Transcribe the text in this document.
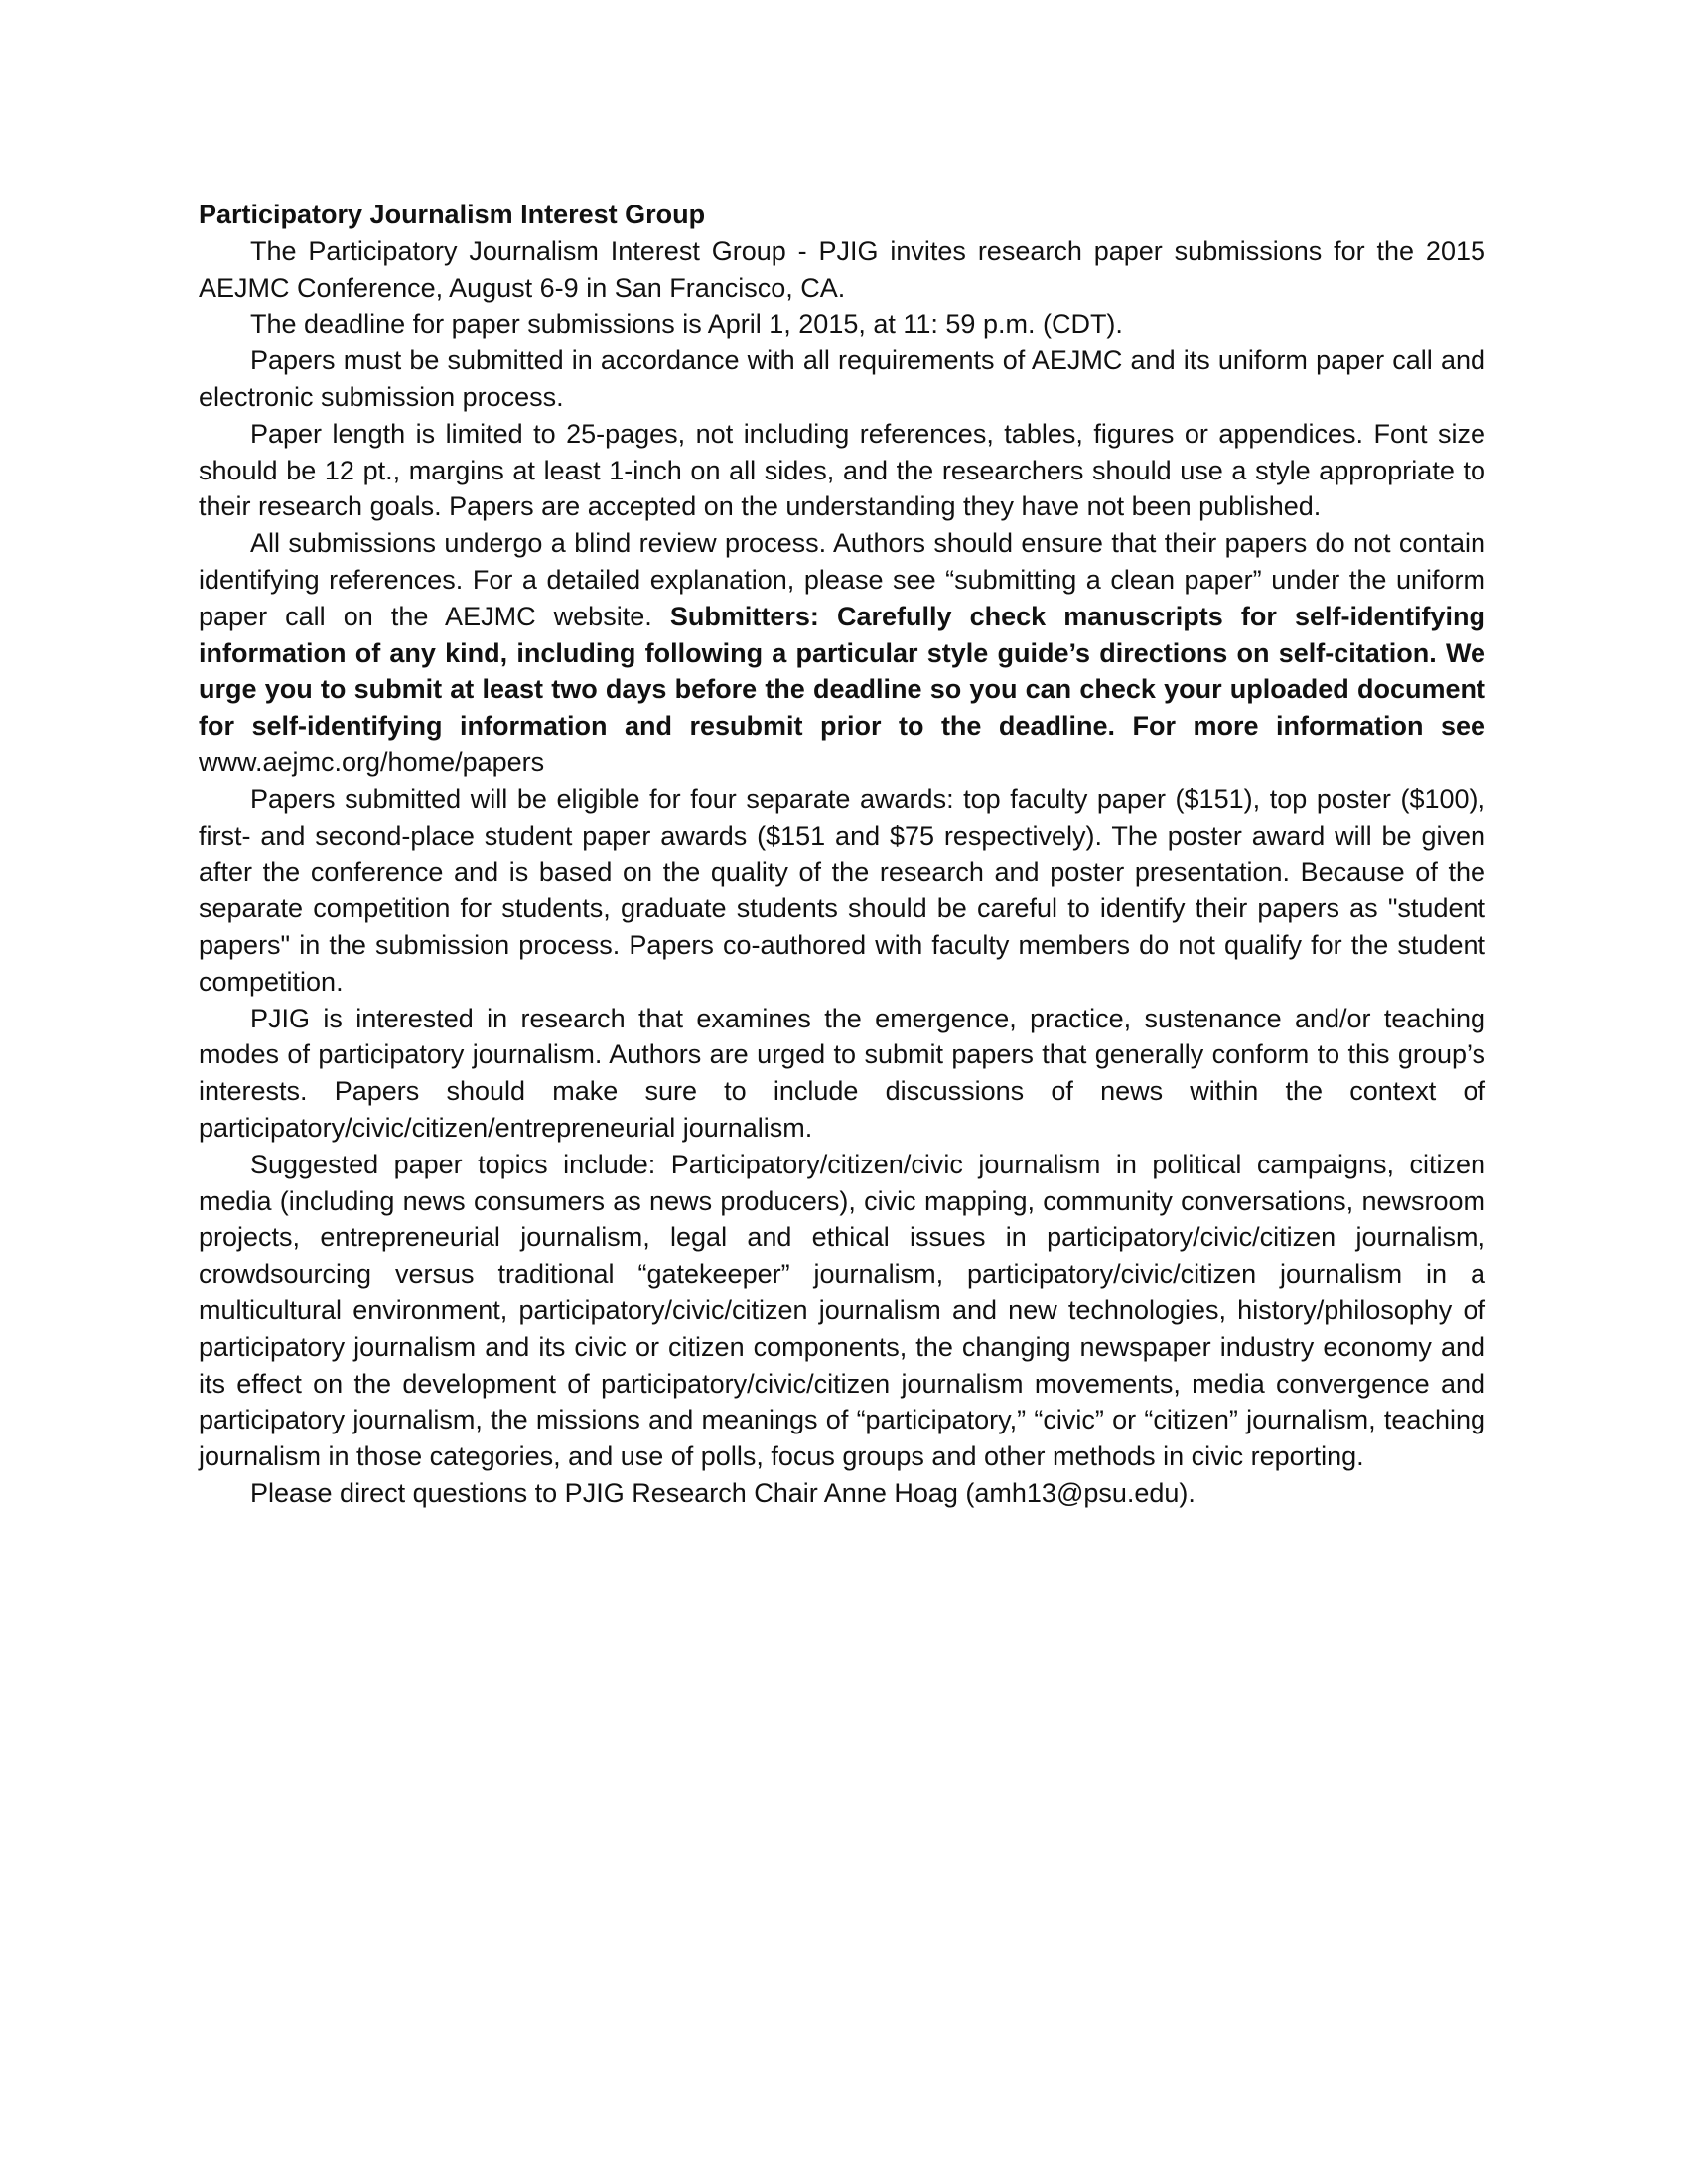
Participatory Journalism Interest Group

The Participatory Journalism Interest Group - PJIG invites research paper submissions for the 2015 AEJMC Conference, August 6-9 in San Francisco, CA.

The deadline for paper submissions is April 1, 2015, at 11: 59 p.m. (CDT).

Papers must be submitted in accordance with all requirements of AEJMC and its uniform paper call and electronic submission process.

Paper length is limited to 25-pages, not including references, tables, figures or appendices. Font size should be 12 pt., margins at least 1-inch on all sides, and the researchers should use a style appropriate to their research goals. Papers are accepted on the understanding they have not been published.

All submissions undergo a blind review process. Authors should ensure that their papers do not contain identifying references. For a detailed explanation, please see “submitting a clean paper” under the uniform paper call on the AEJMC website. Submitters: Carefully check manuscripts for self-identifying information of any kind, including following a particular style guide’s directions on self-citation. We urge you to submit at least two days before the deadline so you can check your uploaded document for self-identifying information and resubmit prior to the deadline. For more information see www.aejmc.org/home/papers

Papers submitted will be eligible for four separate awards: top faculty paper ($151), top poster ($100), first- and second-place student paper awards ($151 and $75 respectively). The poster award will be given after the conference and is based on the quality of the research and poster presentation. Because of the separate competition for students, graduate students should be careful to identify their papers as "student papers" in the submission process. Papers co-authored with faculty members do not qualify for the student competition.

PJIG is interested in research that examines the emergence, practice, sustenance and/or teaching modes of participatory journalism. Authors are urged to submit papers that generally conform to this group’s interests. Papers should make sure to include discussions of news within the context of participatory/civic/citizen/entrepreneurial journalism.

Suggested paper topics include: Participatory/citizen/civic journalism in political campaigns, citizen media (including news consumers as news producers), civic mapping, community conversations, newsroom projects, entrepreneurial journalism, legal and ethical issues in participatory/civic/citizen journalism, crowdsourcing versus traditional “gatekeeper” journalism, participatory/civic/citizen journalism in a multicultural environment, participatory/civic/citizen journalism and new technologies, history/philosophy of participatory journalism and its civic or citizen components, the changing newspaper industry economy and its effect on the development of participatory/civic/citizen journalism movements, media convergence and participatory journalism, the missions and meanings of “participatory,” “civic” or “citizen” journalism, teaching journalism in those categories, and use of polls, focus groups and other methods in civic reporting.

Please direct questions to PJIG Research Chair Anne Hoag (amh13@psu.edu).
